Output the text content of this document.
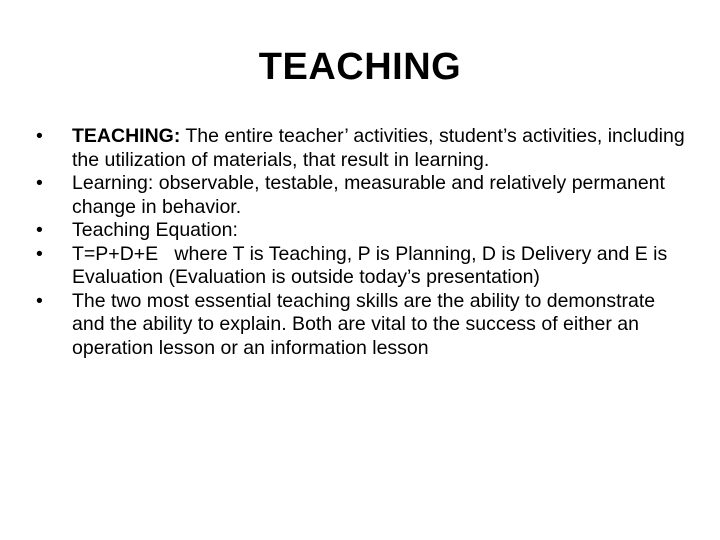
TEACHING
•	TEACHING: The entire teacher’ activities, student’s activities, including the utilization of materials, that result in learning.
•	Learning: observable, testable, measurable and relatively permanent change in behavior.
•	Teaching Equation:
•	T=P+D+E   where T is Teaching, P is Planning, D is Delivery and E is Evaluation (Evaluation is outside today’s presentation)
•	The two most essential teaching skills are the ability to demonstrate and the ability to explain. Both are vital to the success of either an operation lesson or an information lesson
